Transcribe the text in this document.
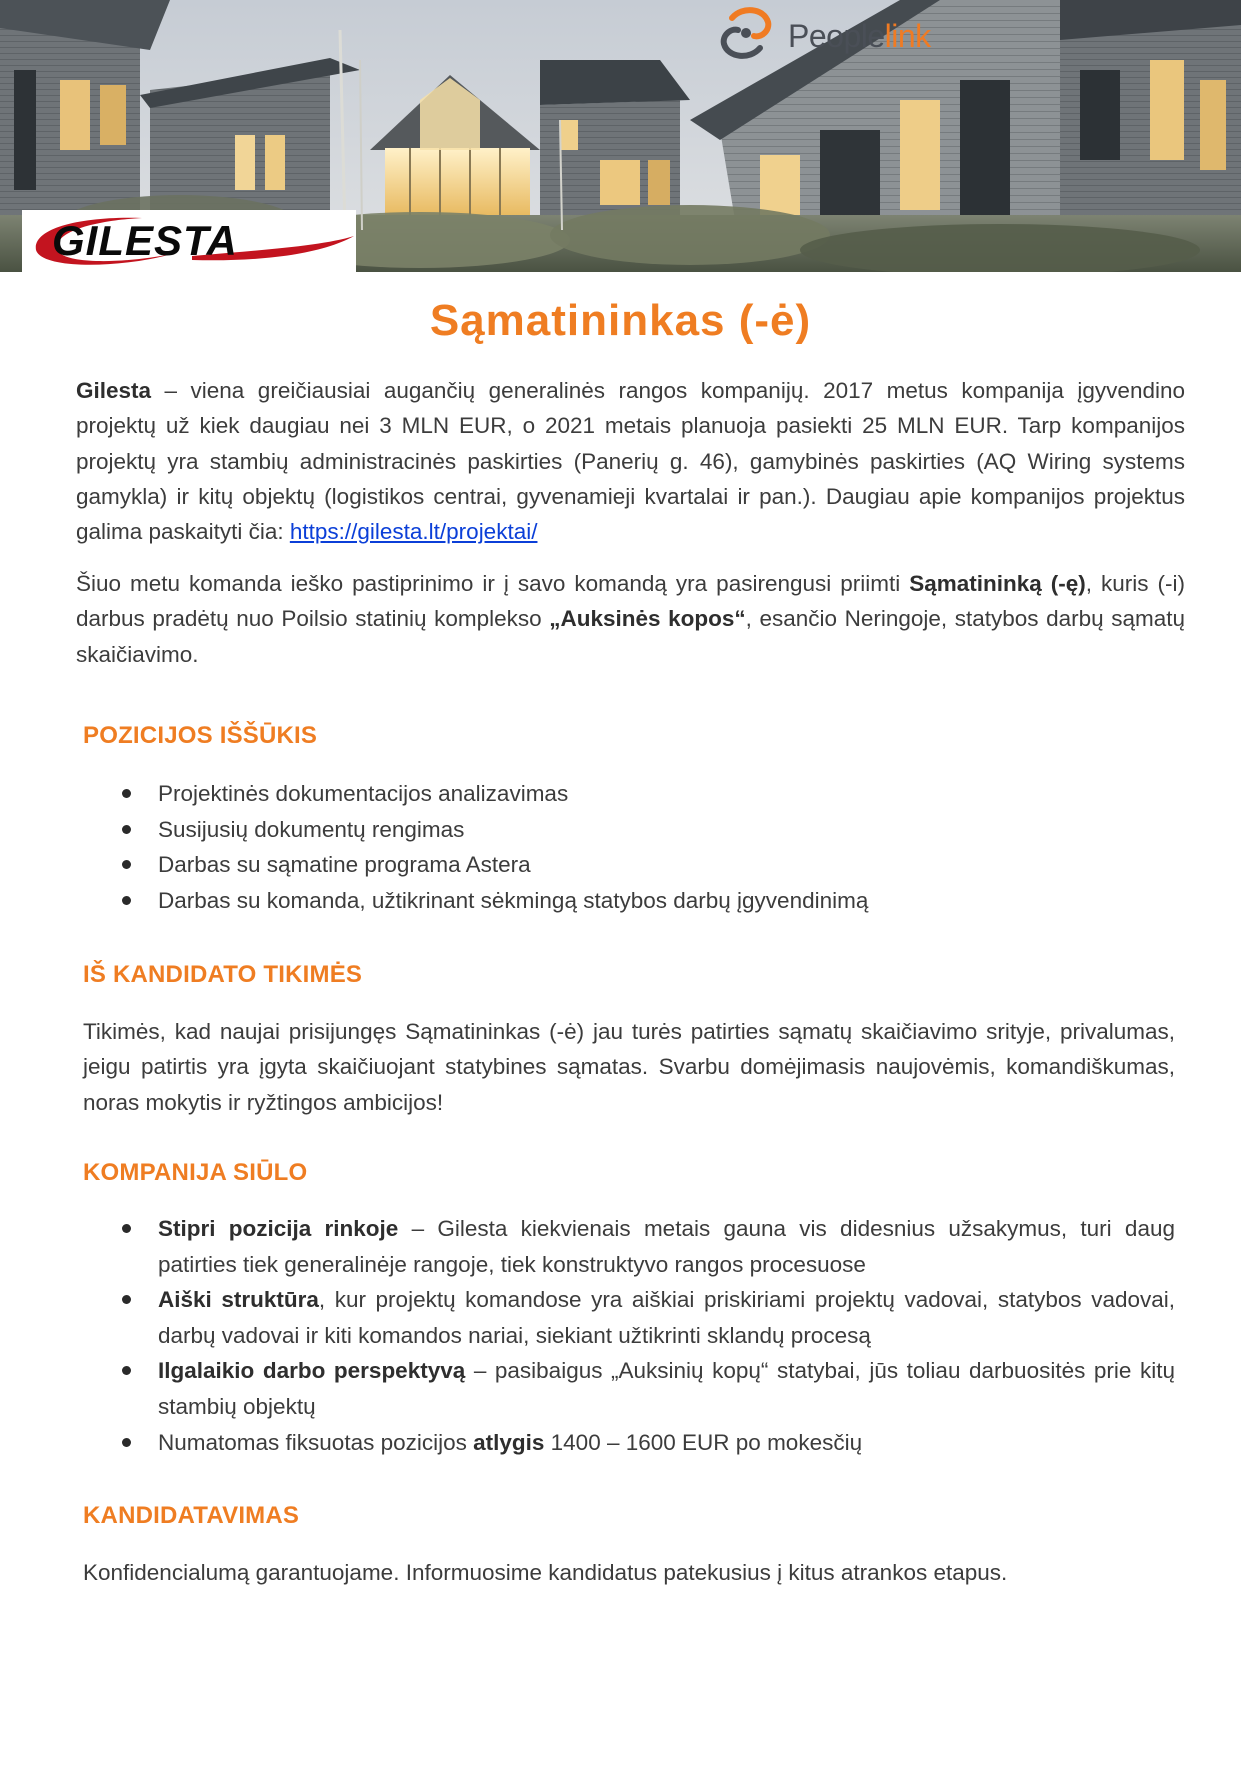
Peoplelink
GILESTA
Sąmatininkas (-ė)

Gilesta – viena greičiausiai augančių generalinės rangos kompanijų. 2017 metus kompanija įgyvendino projektų už kiek daugiau nei 3 MLN EUR, o 2021 metais planuoja pasiekti 25 MLN EUR. Tarp kompanijos projektų yra stambių administracinės paskirties (Panerių g. 46), gamybinės paskirties (AQ Wiring systems gamykla) ir kitų objektų (logistikos centrai, gyvenamieji kvartalai ir pan.). Daugiau apie kompanijos projektus galima paskaityti čia: https://gilesta.lt/projektai/

Šiuo metu komanda ieško pastiprinimo ir į savo komandą yra pasirengusi priimti Sąmatininką (-ę), kuris (-i) darbus pradėtų nuo Poilsio statinių komplekso „Auksinės kopos“, esančio Neringoje, statybos darbų sąmatų skaičiavimo.

POZICIJOS IŠŠŪKIS
Projektinės dokumentacijos analizavimas
Susijusių dokumentų rengimas
Darbas su sąmatine programa Astera
Darbas su komanda, užtikrinant sėkmingą statybos darbų įgyvendinimą
IŠ KANDIDATO TIKIMĖS

Tikimės, kad naujai prisijungęs Sąmatininkas (-ė) jau turės patirties sąmatų skaičiavimo srityje, privalumas, jeigu patirtis yra įgyta skaičiuojant statybines sąmatas. Svarbu domėjimasis naujovėmis, komandiškumas, noras mokytis ir ryžtingos ambicijos!

KOMPANIJA SIŪLO
Stipri pozicija rinkoje – Gilesta kiekvienais metais gauna vis didesnius užsakymus, turi daug patirties tiek generalinėje rangoje, tiek konstruktyvo rangos procesuose
Aiški struktūra, kur projektų komandose yra aiškiai priskiriami projektų vadovai, statybos vadovai, darbų vadovai ir kiti komandos nariai, siekiant užtikrinti sklandų procesą
Ilgalaikio darbo perspektyvą – pasibaigus „Auksinių kopų“ statybai, jūs toliau darbuositės prie kitų stambių objektų
Numatomas fiksuotas pozicijos atlygis 1400 – 1600 EUR po mokesčių
KANDIDATAVIMAS

Konfidencialumą garantuojame. Informuosime kandidatus patekusius į kitus atrankos etapus.
